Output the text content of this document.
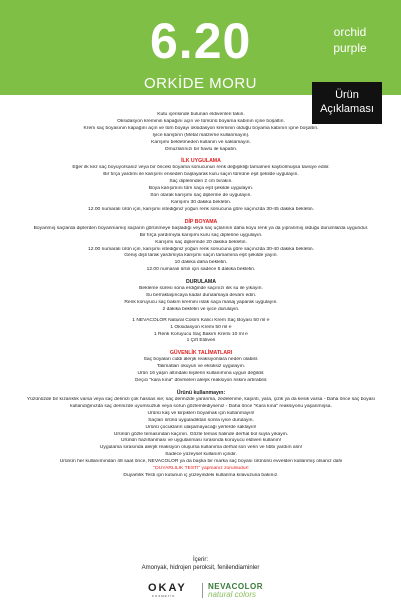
6.20	orchid
purple
ORKİDE MORU
Ürün
Açıklaması
Kutu içerisinde bulunan eldivenleri takın.
Oksidasyon kreminin kapağını açın ve tümünü boyama kabının içine boşaltın.
Krem saç boyasının kapağını açın ve tüm boyayı oksidasyon kreminin olduğu boyama kabının içine boşaltın.
İyice karıştırın (Metal malzeme kullanmayın).
Karışımı bekletmeden kullanın ve saklamayın.
Omuzlarınızı bir havlu ile kapatın.
İLK UYGULAMA
Eğer ilk kez saç boyuyorsanız veya bir önceki boyama sonucunun renk değişikliği tamamen kaybolmuşsa tavsiye edilir.
Bir fırça yardımı ile karışımı enseden başlayarak kuru saçın tümüne eşit şekilde uygulayın.
Saç diplerinden 2 cm bırakın.
Boya karışımını tüm saça eşit şekilde uygulayın.
Son olarak karışımı saç diplerine de uygulayın.
Karışımı 30 dakika bekletin.
12.00 numaralı ürün için, karışımı istediğiniz yoğun renk sonucuna göre saçınızda 30-45 dakika bekletin.
DİP BOYAMA
Boyanmış saçlarda diplerden boyanmamış saçların görünmeye başladığı veya saç uçlarının daha koyu renk ya da yıpranmış olduğu durumlarda uygundur.
Bir fırça yardımıyla karışımı kuru saç diplerine uygulayın.
Karışımı saç diplerinde 20 dakika bekletin.
12.00 numaralı ürün için, karışımı istediğiniz yoğun renk sonucuna göre saçınızda 30-40 dakika bekletin.
Geniş dişli tarak yardımıyla karışımı saçın tamamına eşit şekilde yayın.
10 dakika daha bekletin.
12.00 numaralı ürün için sadece 5 dakika bekletin.
DURULAMA
Bekleme süresi sona erdiğinde saçınızı ılık su ile yıkayın.
Su berraklaşıncaya kadar durulamaya devam edin.
Renk koruyucu saç bakım kremini ıslak saça masaj yaparak uygulayın.
2 dakika bekletin ve iyice durulayın.
1 NEVACOLOR Natural Colors Kalıcı Krem Saç Boyası 50 ml ℮
1 Oksidasyon Kremi 50 ml ℮
1 Renk Koruyucu Saç Bakım Kremi 10 ml ℮
1 Çift Eldiven
GÜVENLİK TALİMATLARI
Saç boyaları ciddi alerjik reaksiyonlara neden olabilir.
Talimatları okuyun ve eksiksiz uygulayın.
Ürün 16 yaşın altındaki kişilerin kullanımına uygun değildir.
Geçici "kara kına" dövmeleri alerjik reaksiyon riskini artırabilir.
Ürünü kullanmayın:
Yüzünüzde bir kızarıklık varsa veya saç derinizi çok hassas ise; saç derinizde yaranma, zedelenme, kaşıntı, yara, çizik ya da kesik varsa - Daha önce saç boyası
kullandığınızda saç derinizde uyumsuzluk veya sorun gözlemlediyseniz - Daha önce "Kara kına" reaksiyonu yaşanmışsa.
Ürünü kaş ve kirpiklerı boyamak için kullanmayın!
Saçları ürünü uyguladıktan sonra iyice durulayın.
Ürünü çocukların ulaşamayacağı yerlerde saklayın!
Ürünün gözle temasından kaçının. Gözle temas halinde derhal bol suyla yıkayın.
Ürünün hazırlanması ve uygulanması sırasında koruyucu eldiven kullanın!
Uygulama sırasında alerjik reaksiyon oluşursa kullanıma derhal son verin ve tıbbi yardım alın!
Sadece yüzeysel kullanım içindir.
Ürünün her kullanımından 48 saat önce, NEVACOLOR ya da başka bir marka saç boyası ürününü evvelden kullanmış olsanız dahi
"DUYARLILIK TESTİ" yapmanız zorunludur!
Duyarlılık Testi için kutunun iç yüzeyindeki kullanma kılavuzuna bakınız.
İçerir:
Amonyak, hidrojen peroksit, fenilendiaminler
OKAY
KOZMETİK
NEVACOLOR
natural colors
